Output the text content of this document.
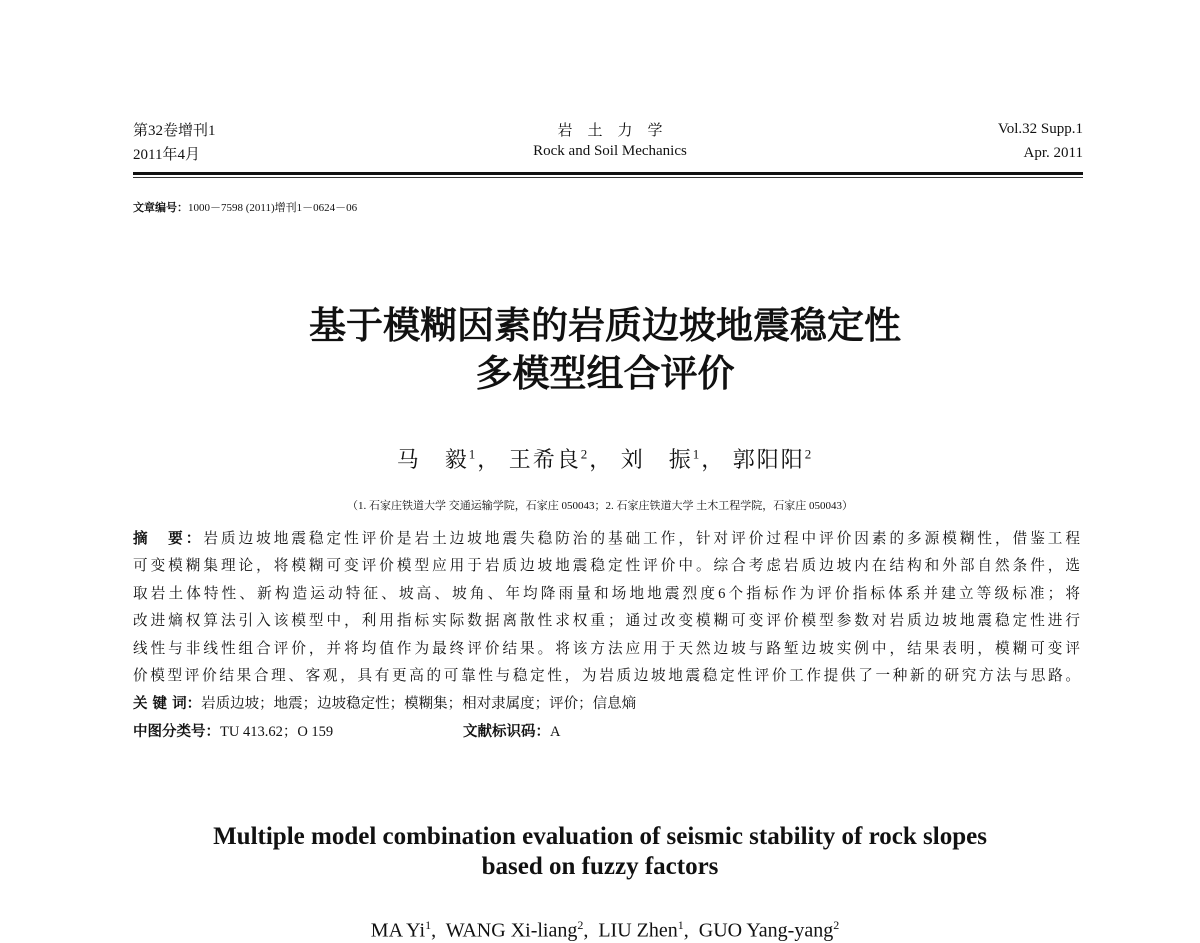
第32卷增刊1
2011年4月
岩　土　力　学
Rock and Soil Mechanics
Vol.32 Supp.1
Apr. 2011
文章编号：1000－7598 (2011)增刊1－0624－06
基于模糊因素的岩质边坡地震稳定性
多模型组合评价
马　毅$^1$， 王希良$^2$， 刘　振$^1$， 郭阳阳$^2$
（1. 石家庄铁道大学 交通运输学院，石家庄 050043；2. 石家庄铁道大学 土木工程学院，石家庄 050043）
摘　要：岩质边坡地震稳定性评价是岩土边坡地震失稳防治的基础工作，针对评价过程中评价因素的多源模糊性，借鉴工程
可变模糊集理论，将模糊可变评价模型应用于岩质边坡地震稳定性评价中。综合考虑岩质边坡内在结构和外部自然条件，选
取岩土体特性、新构造运动特征、坡高、坡角、年均降雨量和场地地震烈度6个指标作为评价指标体系并建立等级标准；将
改进熵权算法引入该模型中，利用指标实际数据离散性求权重；通过改变模糊可变评价模型参数对岩质边坡地震稳定性进行
线性与非线性组合评价，并将均值作为最终评价结果。将该方法应用于天然边坡与路堑边坡实例中，结果表明，模糊可变评
价模型评价结果合理、客观，具有更高的可靠性与稳定性，为岩质边坡地震稳定性评价工作提供了一种新的研究方法与思路。
关 键 词：岩质边坡；地震；边坡稳定性；模糊集；相对隶属度；评价；信息熵
中图分类号：TU 413.62；O 159	文献标识码：A
Multiple model combination evaluation of seismic stability of rock slopes
based on fuzzy factors
MA Yi$^1$,  WANG Xi-liang$^2$,  LIU Zhen$^1$,  GUO Yang-yang$^2$
